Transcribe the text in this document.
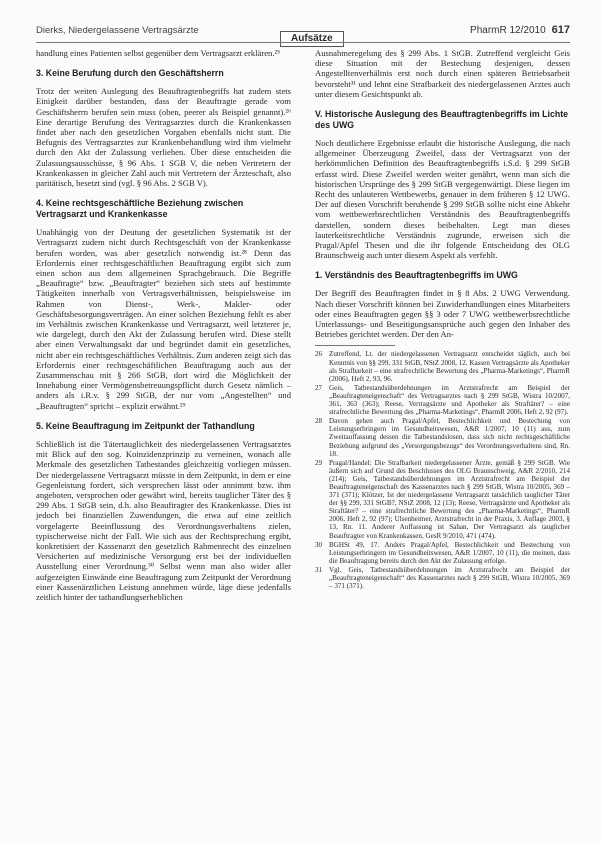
Dierks, Niedergelassene Vertragsärzte
Aufsätze
PharmR 12/2010 617

handlung eines Patienten selbst gegenüber dem Vertragsarzt erklären.²⁵

3. Keine Berufung durch den Geschäftsherrn

Trotz der weiten Auslegung des Beauftragtenbegriffs hat zudem stets Einigkeit darüber bestanden, dass der Beauftragte gerade vom Geschäftsherrn berufen sein muss (oben, peerer als Beispiel genannt).²⁶ Eine derartige Berufung des Vertragsarztes durch die Krankenkassen findet aber nach den gesetzlichen Vorgaben ebenfalls nicht statt. Die Befugnis des Vertragsarztes zur Krankenbehandlung wird ihm vielmehr durch den Akt der Zulassung verliehen. Über diese entscheiden die Zulassungsausschüsse, § 96 Abs. 1 SGB V, die neben Vertretern der Krankenkassen in gleicher Zahl auch mit Vertretern der Ärzteschaft, also paritätisch, besetzt sind (vgl. § 96 Abs. 2 SGB V).

4. Keine rechtsgeschäftliche Beziehung zwischen Vertragsarzt und Krankenkasse

Unabhängig von der Deutung der gesetzlichen Systematik ist der Vertragsarzt zudem nicht durch Rechtsgeschäft von der Krankenkasse berufen worden, was aber gesetzlich notwendig ist.²⁸ Denn das Erfordernis einer rechtsgeschäftlichen Beauftragung ergibt sich zum einen schon aus dem allgemeinen Sprachgebrauch. Die Begriffe „Beauftragte“ bzw. „Beauftragter“ beziehen sich stets auf bestimmte Tätigkeiten innerhalb von Vertragsverhältnissen, beispielsweise im Rahmen von Dienst-, Werk-, Makler- oder Geschäftsbesorgungsverträgen. An einer solchen Beziehung fehlt es aber im Verhältnis zwischen Krankenkasse und Vertragsarzt, weil letzterer je, wie dargelegt, durch den Akt der Zulassung berufen wird. Diese stellt aber einen Verwaltungsakt dar und begründet damit ein gesetzliches, nicht aber ein rechtsgeschäftliches Verhältnis. Zum anderen zeigt sich das Erfordernis einer rechtsgeschäftlichen Beauftragung auch aus der Zusammenschau mit § 266 StGB, dort wird die Möglichkeit der Innehabung einer Vermögensbetreuungspflicht durch Gesetz nämlich – anders als i.R.v. § 299 StGB, der nur vom „Angestellten“ und „Beauftragten“ spricht – explizit erwähnt.²⁹

5. Keine Beauftragung im Zeitpunkt der Tathandlung

Schließlich ist die Tätertauglichkeit des niedergelassenen Vertragsarztes mit Blick auf den sog. Koinzidenzprinzip zu verneinen, wonach alle Merkmale des gesetzlichen Tatbestandes gleichzeitig vorliegen müssen. Der niedergelassene Vertragsarzt müsste in dem Zeitpunkt, in dem er eine Gegenleistung fordert, sich versprechen lässt oder annimmt bzw. ihm angeboten, versprochen oder gewährt wird, bereits tauglicher Täter des § 299 Abs. 1 StGB sein, d.h. also Beauftragter des Krankenkasse. Dies ist jedoch bei finanziellen Zuwendungen, die etwa auf eine zeitlich vorgelagerte Beeinflussung des Verordnungsverhaltens zielen, typischerweise nicht der Fall. Wie sich aus der Rechtsprechung ergibt, konkretisiert der Kassenarzt den gesetzlich Rahmenrecht des einzelnen Versicherten auf medizinische Versorgung erst bei der individuellen Ausstellung einer Verordnung.³⁰ Selbst wenn man also wider aller aufgezeigten Einwände eine Beauftragung zum Zeitpunkt der Verordnung einer Kassenärztlichen Leistung annehmen würde, läge diese jedenfalls zeitlich hinter der tathandlungserheblichen

Ausnahmeregelung des § 299 Abs. 1 StGB. Zutreffend vergleicht Geis diese Situation mit der Bestechung desjenigen, dessen Angestelltenverhältnis erst noch durch einen späteren Betriebsarbeit bevorsteht³¹ und lehnt eine Strafbarkeit des niedergelassenen Arztes auch unter diesem Gesichtspunkt ab.

V. Historische Auslegung des Beauftragtenbegriffs im Lichte des UWG

Noch deutlichere Ergebnisse erlaubt die historische Auslegung, die nach allgemeiner Überzeugung Zweifel, dass der Vertragsarzt von der herkömmlichen Definition des Beauftragtenbegriffs i.S.d. § 299 StGB erfasst wird. Diese Zweifel werden weiter genährt, wenn man sich die historischen Ursprünge des § 299 StGB vergegenwärtigt. Diese liegen im Recht des unlauteren Wettbewerbs, genauer in dem früheren § 12 UWG. Der auf diesen Vorschrift beruhende § 299 StGB sollte nicht eine Abkehr vom wettbewerbsrechtlichen Verständnis des Beauftragtenbegriffs darstellen, sondern dieses beibehalten. Legt man dieses lauterkeitsrechtliche Verständnis zugrunde, erweisen sich die Pragal/Apfel Thesen und die ihr folgende Entscheidung des OLG Braunschweig auch unter diesem Aspekt als verfehlt.

1. Verständnis des Beauftragtenbegriffs im UWG

Der Begriff des Beauftragten findet in § 8 Abs. 2 UWG Verwendung. Nach dieser Vorschrift können bei Zuwiderhandlungen eines Mitarbeiters oder eines Beauftragten gegen §§ 3 oder 7 UWG wettbewerbsrechtliche Unterlassungs- und Beseitigungsansprüche auch gegen den Inhaber des Betriebes gerichtet werden. Der den An-

26 Zutreffend, Lt. der niedergelassenen Vertragsarzt entscheidet täglich, auch bei Kenntnis von §§ 299, 331 StGB, NStZ 2008, 12. Kassen Vertragsärzte als Apotheker als Strafbarkeit – eine strafrechtliche Bewertung des „Pharma-Marketings“, PharmR (2006), Heft 2, 93, 96.
27 Geis, Tatbestandsüberdehnungen im Arztstrafrecht am Beispiel der „Beauftragteneigenschaft“ des Vertragsarztes nach § 299 StGB, Wistra 10/2007, 361, 363 (363); Reese, Vertragsärzte und Apotheker als Straftäter? – eine strafrechtliche Bewertung des „Pharma-Marketings“, PharmR 2006, Heft 2, 92 (97).
28 Davon gehen auch Pragal/Apfel, Bestechlichkeit und Bestechung von Leistungserbringern im Gesundheitswesen, A&R 1/2007, 10 (11) aus, zum Zweitauffassung dessen die Tatbestandslosen, dass sich nicht rechtsgeschäftliche Beziehung aufgrund des „Versorgungsbezugs“ des Verordnungsverhaltens sind, Rn. 18.
29 Pragal/Handel: Die Strafbarkeit niedergelassener Ärzte, gemäß § 299 StGB. Wie äußern sich auf Grund des Beschlusses des OLG Braunschweig, A&R 2/2010, 214 (214); Geis, Tatbestandsüberdehnungen im Arztstrafrecht am Beispiel der Beauftragteneigenschaft des Kassenarztes nach § 299 StGB, Wistra 10/2005, 369 – 371 (371); Klötzer, Ist der niedergelassene Vertragsarzt tatsächlich tauglicher Täter der §§ 299, 331 StGB?, NStZ 2008, 12 (13); Reese, Vertragsärzte und Apotheker als Straftäter? – eine strafrechtliche Bewertung des „Pharma-Marketings“, PharmR 2006, Heft 2, 92 (97); Ulsenheimer, Arztstrafrecht in der Praxis, 3. Auflage 2003, § 13, Rn. 11. Anderer Auffassung ist Sahan, Der Vertragsarzt als tauglicher Beauftragter von Krankenkassen, GesR 9/2010, 471 (474).
30 BGHSt 49, 17. Anders Pragal/Apfel, Bestechlichkeit und Bestechung von Leistungserbringern im Gesundheitswesen, A&R 1/2007, 10 (11), die meinen, dass die Beauftragung bereits durch den Akt der Zulassung erfolge.
31 Vgl. Geis, Tatbestandsüberdehnungen im Arztstrafrecht am Beispiel der „Beauftragteneigenschaft“ des Kassenarztes nach § 299 StGB, Wistra 10/2005, 369 – 371 (371).
